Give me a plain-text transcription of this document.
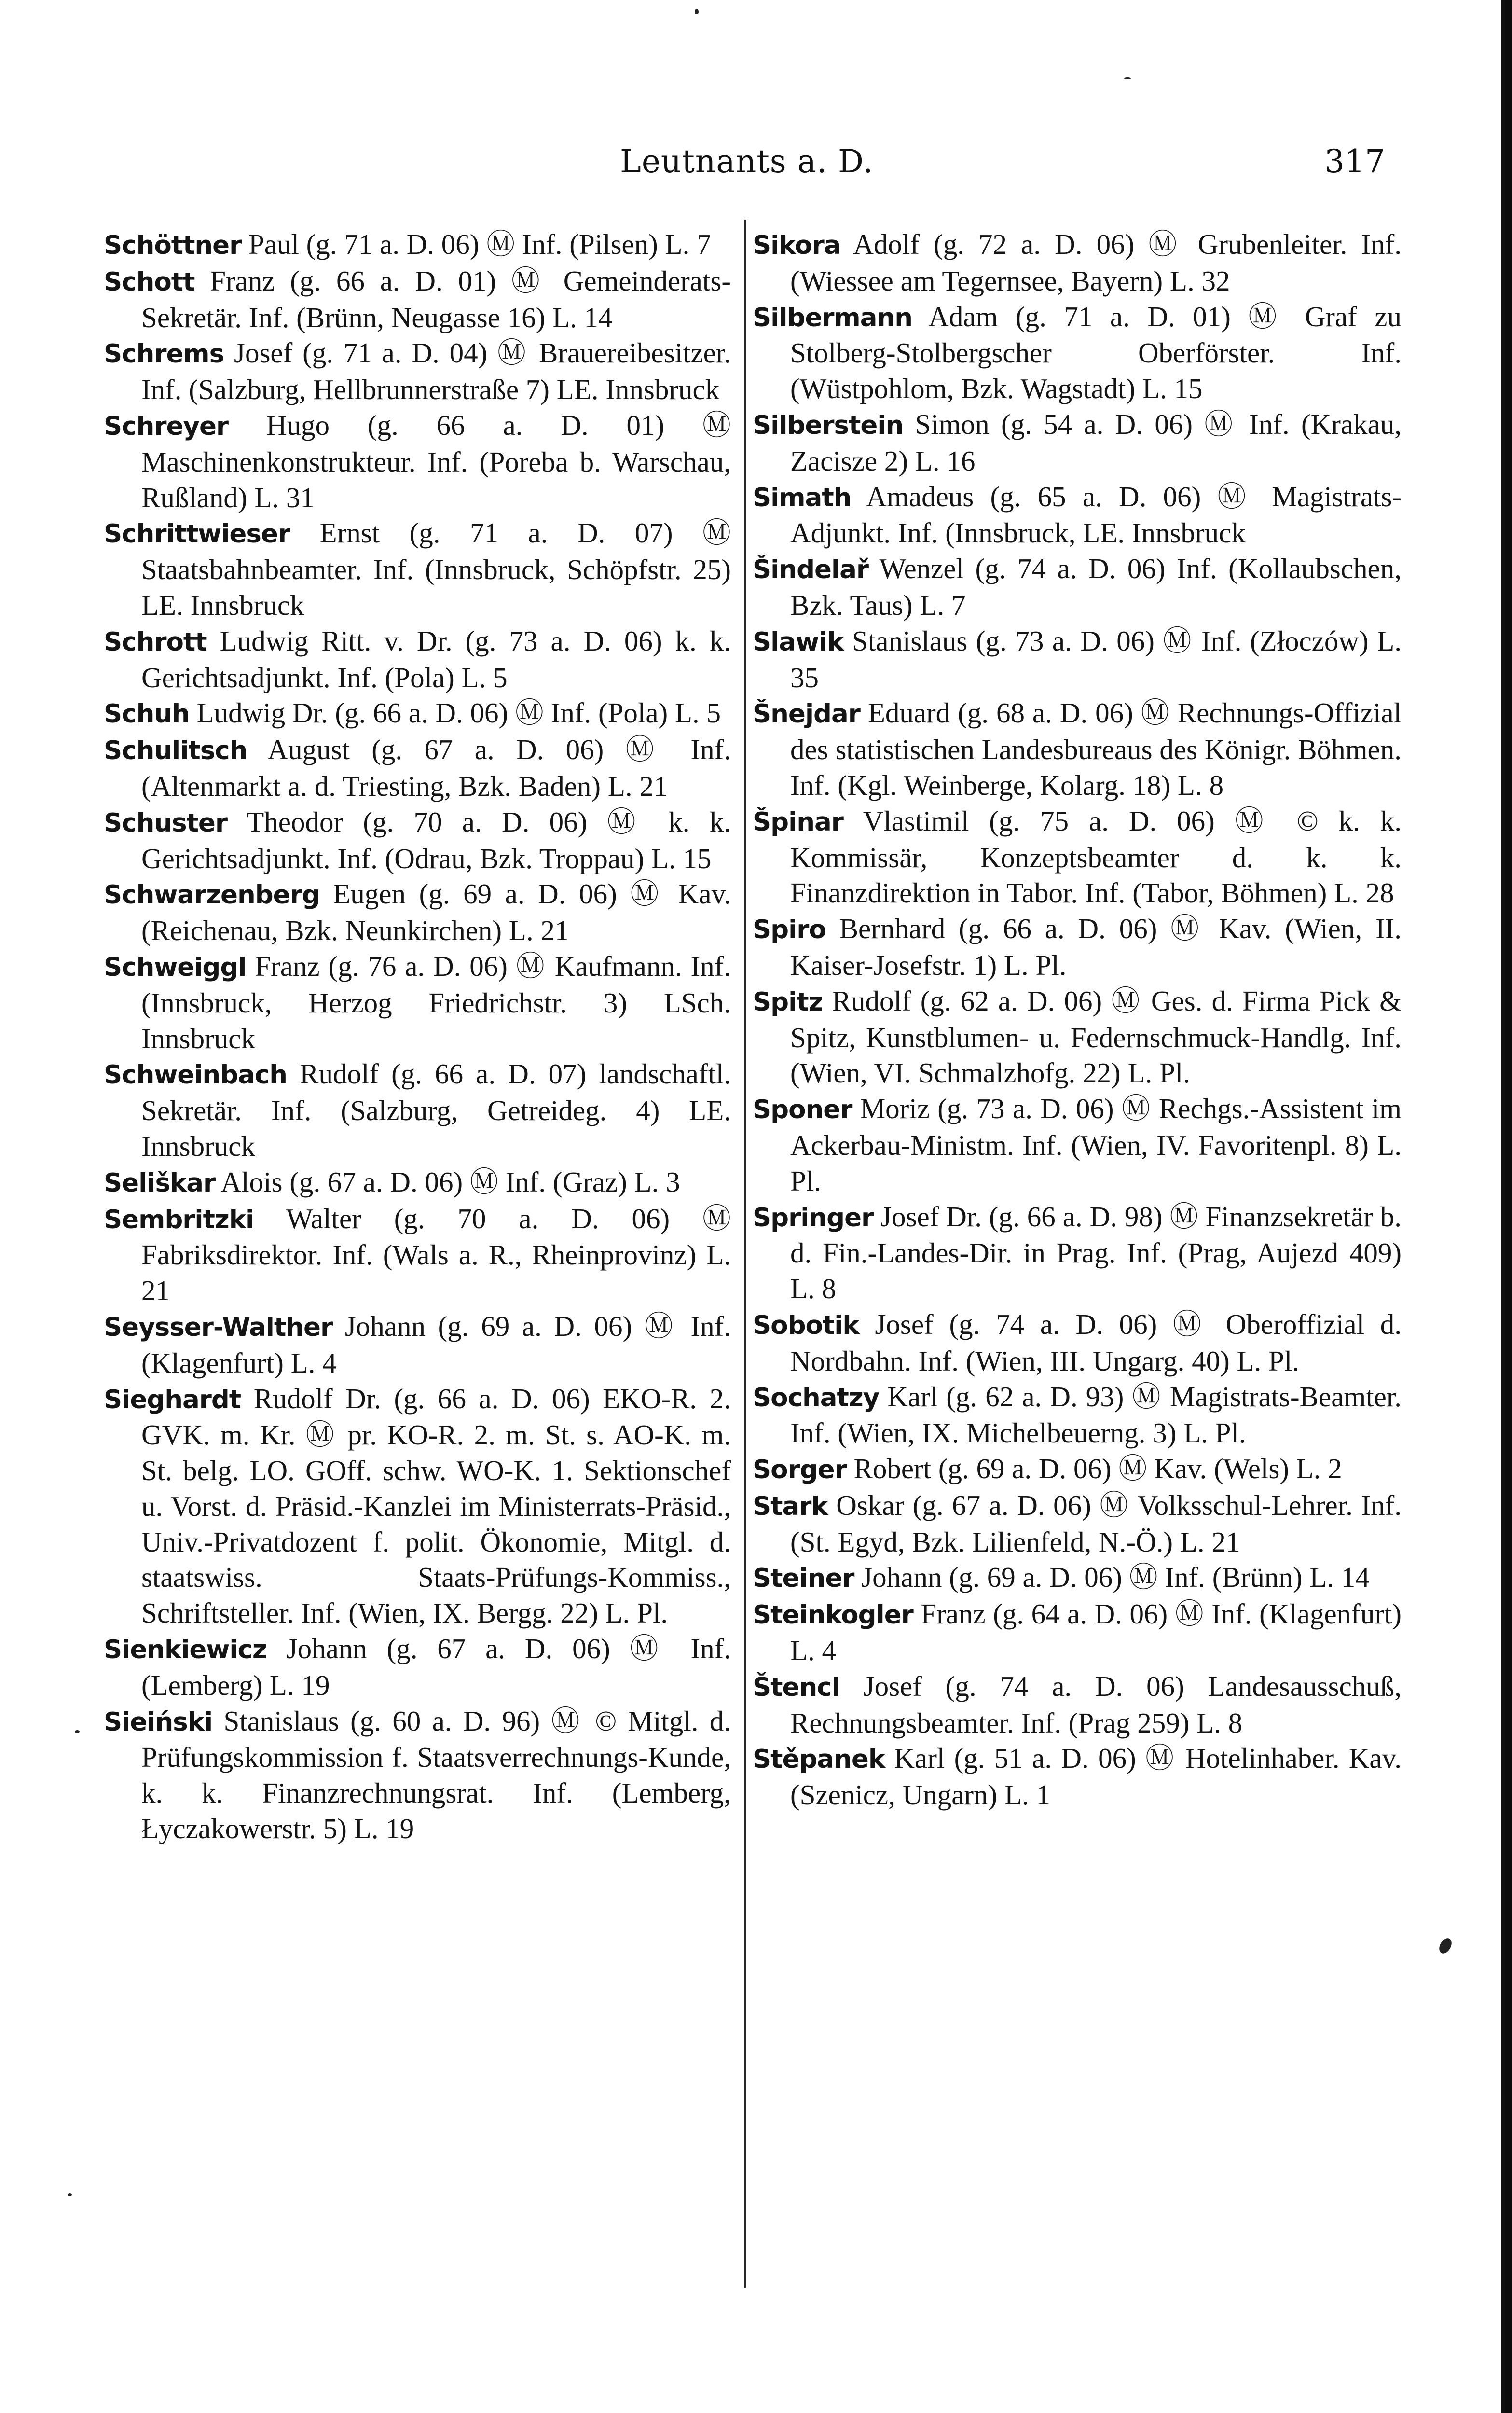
Leutnants a. D.	317

Schöttner Paul (g. 71 a. D. 06) Ⓜ Inf. (Pilsen) L. 7

Schott Franz (g. 66 a. D. 01) Ⓜ Gemeinderats-Sekretär. Inf. (Brünn, Neugasse 16) L. 14

Schrems Josef (g. 71 a. D. 04) Ⓜ Brauereibesitzer. Inf. (Salzburg, Hellbrunnerstraße 7) LE. Innsbruck

Schreyer Hugo (g. 66 a. D. 01) Ⓜ Maschinenkonstrukteur. Inf. (Poreba b. Warschau, Rußland) L. 31

Schrittwieser Ernst (g. 71 a. D. 07) Ⓜ Staatsbahnbeamter. Inf. (Innsbruck, Schöpfstr. 25) LE. Innsbruck

Schrott Ludwig Ritt. v. Dr. (g. 73 a. D. 06) k. k. Gerichtsadjunkt. Inf. (Pola) L. 5

Schuh Ludwig Dr. (g. 66 a. D. 06) Ⓜ Inf. (Pola) L. 5

Schulitsch August (g. 67 a. D. 06) Ⓜ Inf. (Altenmarkt a. d. Triesting, Bzk. Baden) L. 21

Schuster Theodor (g. 70 a. D. 06) Ⓜ k. k. Gerichtsadjunkt. Inf. (Odrau, Bzk. Troppau) L. 15

Schwarzenberg Eugen (g. 69 a. D. 06) Ⓜ Kav. (Reichenau, Bzk. Neunkirchen) L. 21

Schweiggl Franz (g. 76 a. D. 06) Ⓜ Kaufmann. Inf. (Innsbruck, Herzog Friedrichstr. 3) LSch. Innsbruck

Schweinbach Rudolf (g. 66 a. D. 07) landschaftl. Sekretär. Inf. (Salzburg, Getreideg. 4) LE. Innsbruck

Seliškar Alois (g. 67 a. D. 06) Ⓜ Inf. (Graz) L. 3

Sembritzki Walter (g. 70 a. D. 06) Ⓜ Fabriksdirektor. Inf. (Wals a. R., Rheinprovinz) L. 21

Seysser-Walther Johann (g. 69 a. D. 06) Ⓜ Inf. (Klagenfurt) L. 4

Sieghardt Rudolf Dr. (g. 66 a. D. 06) EKO-R. 2. GVK. m. Kr. Ⓜ pr. KO-R. 2. m. St. s. AO-K. m. St. belg. LO. GOff. schw. WO-K. 1. Sektionschef u. Vorst. d. Präsid.-Kanzlei im Ministerrats-Präsid., Univ.-Privatdozent f. polit. Ökonomie, Mitgl. d. staatswiss. Staats-Prüfungs-Kommiss., Schriftsteller. Inf. (Wien, IX. Bergg. 22) L. Pl.

Sienkiewicz Johann (g. 67 a. D. 06) Ⓜ Inf. (Lemberg) L. 19

Sieiński Stanislaus (g. 60 a. D. 96) Ⓜ © Mitgl. d. Prüfungskommission f. Staatsverrechnungs-Kunde, k. k. Finanzrechnungsrat. Inf. (Lemberg, Łyczakowerstr. 5) L. 19

Sikora Adolf (g. 72 a. D. 06) Ⓜ Grubenleiter. Inf. (Wiessee am Tegernsee, Bayern) L. 32

Silbermann Adam (g. 71 a. D. 01) Ⓜ Graf zu Stolberg-Stolbergscher Oberförster. Inf. (Wüstpohlom, Bzk. Wagstadt) L. 15

Silberstein Simon (g. 54 a. D. 06) Ⓜ Inf. (Krakau, Zacisze 2) L. 16

Simath Amadeus (g. 65 a. D. 06) Ⓜ Magistrats-Adjunkt. Inf. (Innsbruck, LE. Innsbruck

Šindelař Wenzel (g. 74 a. D. 06) Inf. (Kollaubschen, Bzk. Taus) L. 7

Slawik Stanislaus (g. 73 a. D. 06) Ⓜ Inf. (Złoczów) L. 35

Šnejdar Eduard (g. 68 a. D. 06) Ⓜ Rechnungs-Offizial des statistischen Landesbureaus des Königr. Böhmen. Inf. (Kgl. Weinberge, Kolarg. 18) L. 8

Špinar Vlastimil (g. 75 a. D. 06) Ⓜ © k. k. Kommissär, Konzeptsbeamter d. k. k. Finanzdirektion in Tabor. Inf. (Tabor, Böhmen) L. 28

Spiro Bernhard (g. 66 a. D. 06) Ⓜ Kav. (Wien, II. Kaiser-Josefstr. 1) L. Pl.

Spitz Rudolf (g. 62 a. D. 06) Ⓜ Ges. d. Firma Pick & Spitz, Kunstblumen- u. Federnschmuck-Handlg. Inf. (Wien, VI. Schmalzhofg. 22) L. Pl.

Sponer Moriz (g. 73 a. D. 06) Ⓜ Rechgs.-Assistent im Ackerbau-Ministm. Inf. (Wien, IV. Favoritenpl. 8) L. Pl.

Springer Josef Dr. (g. 66 a. D. 98) Ⓜ Finanzsekretär b. d. Fin.-Landes-Dir. in Prag. Inf. (Prag, Aujezd 409) L. 8

Sobotik Josef (g. 74 a. D. 06) Ⓜ Oberoffizial d. Nordbahn. Inf. (Wien, III. Ungarg. 40) L. Pl.

Sochatzy Karl (g. 62 a. D. 93) Ⓜ Magistrats-Beamter. Inf. (Wien, IX. Michelbeuerng. 3) L. Pl.

Sorger Robert (g. 69 a. D. 06) Ⓜ Kav. (Wels) L. 2

Stark Oskar (g. 67 a. D. 06) Ⓜ Volksschul-Lehrer. Inf. (St. Egyd, Bzk. Lilienfeld, N.-Ö.) L. 21

Steiner Johann (g. 69 a. D. 06) Ⓜ Inf. (Brünn) L. 14

Steinkogler Franz (g. 64 a. D. 06) Ⓜ Inf. (Klagenfurt) L. 4

Štencl Josef (g. 74 a. D. 06) Landesausschuß, Rechnungsbeamter. Inf. (Prag 259) L. 8

Stěpanek Karl (g. 51 a. D. 06) Ⓜ Hotelinhaber. Kav. (Szenicz, Ungarn) L. 1
